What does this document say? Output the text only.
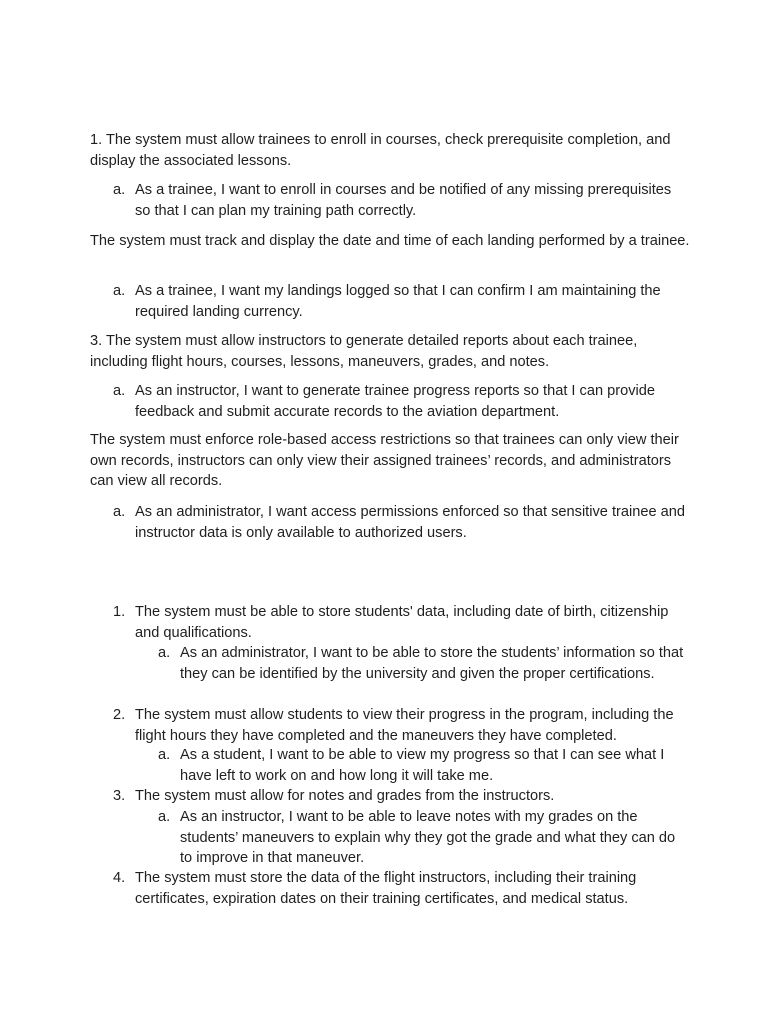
1. The system must allow trainees to enroll in courses, check prerequisite completion, and display the associated lessons.

a. As a trainee, I want to enroll in courses and be notified of any missing prerequisites so that I can plan my training path correctly.

The system must track and display the date and time of each landing performed by a trainee.

a. As a trainee, I want my landings logged so that I can confirm I am maintaining the required landing currency.

3. The system must allow instructors to generate detailed reports about each trainee, including flight hours, courses, lessons, maneuvers, grades, and notes.

a. As an instructor, I want to generate trainee progress reports so that I can provide feedback and submit accurate records to the aviation department.

The system must enforce role-based access restrictions so that trainees can only view their own records, instructors can only view their assigned trainees’ records, and administrators can view all records.

a. As an administrator, I want access permissions enforced so that sensitive trainee and instructor data is only available to authorized users.

1. The system must be able to store students' data, including date of birth, citizenship and qualifications.

a. As an administrator, I want to be able to store the students’ information so that they can be identified by the university and given the proper certifications.

2. The system must allow students to view their progress in the program, including the flight hours they have completed and the maneuvers they have completed.

a. As a student, I want to be able to view my progress so that I can see what I have left to work on and how long it will take me.

3. The system must allow for notes and grades from the instructors.

a. As an instructor, I want to be able to leave notes with my grades on the students’ maneuvers to explain why they got the grade and what they can do to improve in that maneuver.

4. The system must store the data of the flight instructors, including their training certificates, expiration dates on their training certificates, and medical status.
